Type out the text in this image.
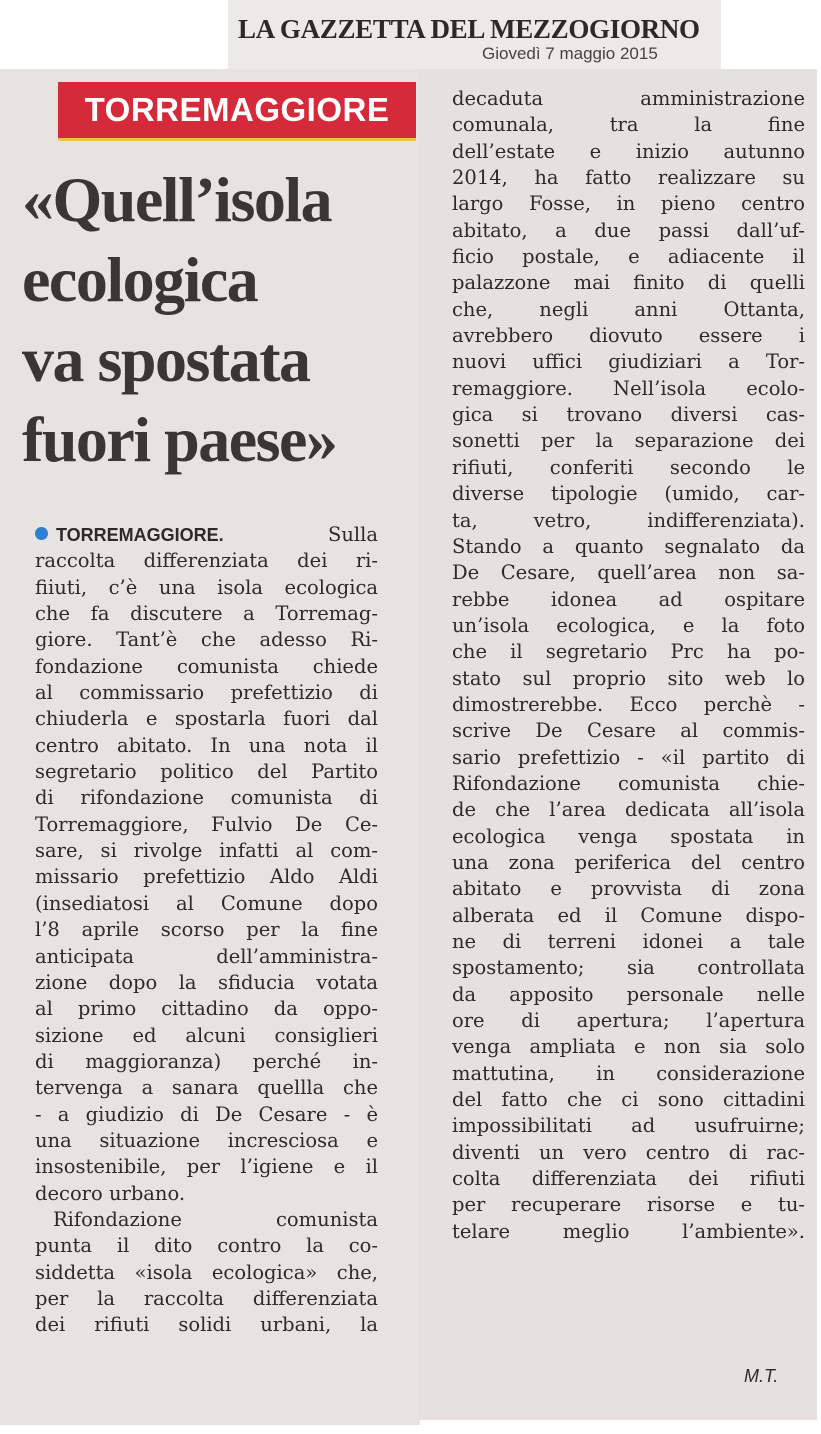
LA GAZZETTA DEL MEZZOGIORNO
Giovedì 7 maggio 2015
TORREMAGGIORE
«Quell’isola
ecologica
va spostata
fuori paese»
TORREMAGGIORE. Sulla
raccolta differenziata dei ri-
fiiuti, c’è una isola ecologica
che fa discutere a Torremag-
giore. Tant’è che adesso Ri-
fondazione comunista chiede
al commissario prefettizio di
chiuderla e spostarla fuori dal
centro abitato. In una nota il
segretario politico del Partito
di rifondazione comunista di
Torremaggiore, Fulvio De Ce-
sare, si rivolge infatti al com-
missario prefettizio Aldo Aldi
(insediatosi al Comune dopo
l’8 aprile scorso per la fine
anticipata dell’amministra-
zione dopo la sfiducia votata
al primo cittadino da oppo-
sizione ed alcuni consiglieri
di maggioranza) perché in-
tervenga a sanara quellla che
- a giudizio di De Cesare - è
una situazione incresciosa e
insostenibile, per l’igiene e il
decoro urbano.
Rifondazione comunista
punta il dito contro la co-
siddetta «isola ecologica» che,
per la raccolta differenziata
dei rifiuti solidi urbani, la
decaduta amministrazione
comunala, tra la fine
dell’estate e inizio autunno
2014, ha fatto realizzare su
largo Fosse, in pieno centro
abitato, a due passi dall’uf-
ficio postale, e adiacente il
palazzone mai finito di quelli
che, negli anni Ottanta,
avrebbero diovuto essere i
nuovi uffici giudiziari a Tor-
remaggiore. Nell’isola ecolo-
gica si trovano diversi cas-
sonetti per la separazione dei
rifiuti, conferiti secondo le
diverse tipologie (umido, car-
ta, vetro, indifferenziata).
Stando a quanto segnalato da
De Cesare, quell’area non sa-
rebbe idonea ad ospitare
un’isola ecologica, e la foto
che il segretario Prc ha po-
stato sul proprio sito web lo
dimostrerebbe. Ecco perchè -
scrive De Cesare al commis-
sario prefettizio - «il partito di
Rifondazione comunista chie-
de che l’area dedicata all’isola
ecologica venga spostata in
una zona periferica del centro
abitato e provvista di zona
alberata ed il Comune dispo-
ne di terreni idonei a tale
spostamento; sia controllata
da apposito personale nelle
ore di apertura; l’apertura
venga ampliata e non sia solo
mattutina, in considerazione
del fatto che ci sono cittadini
impossibilitati ad usufruirne;
diventi un vero centro di rac-
colta differenziata dei rifiuti
per recuperare risorse e tu-
telare meglio l’ambiente».
M.T.
